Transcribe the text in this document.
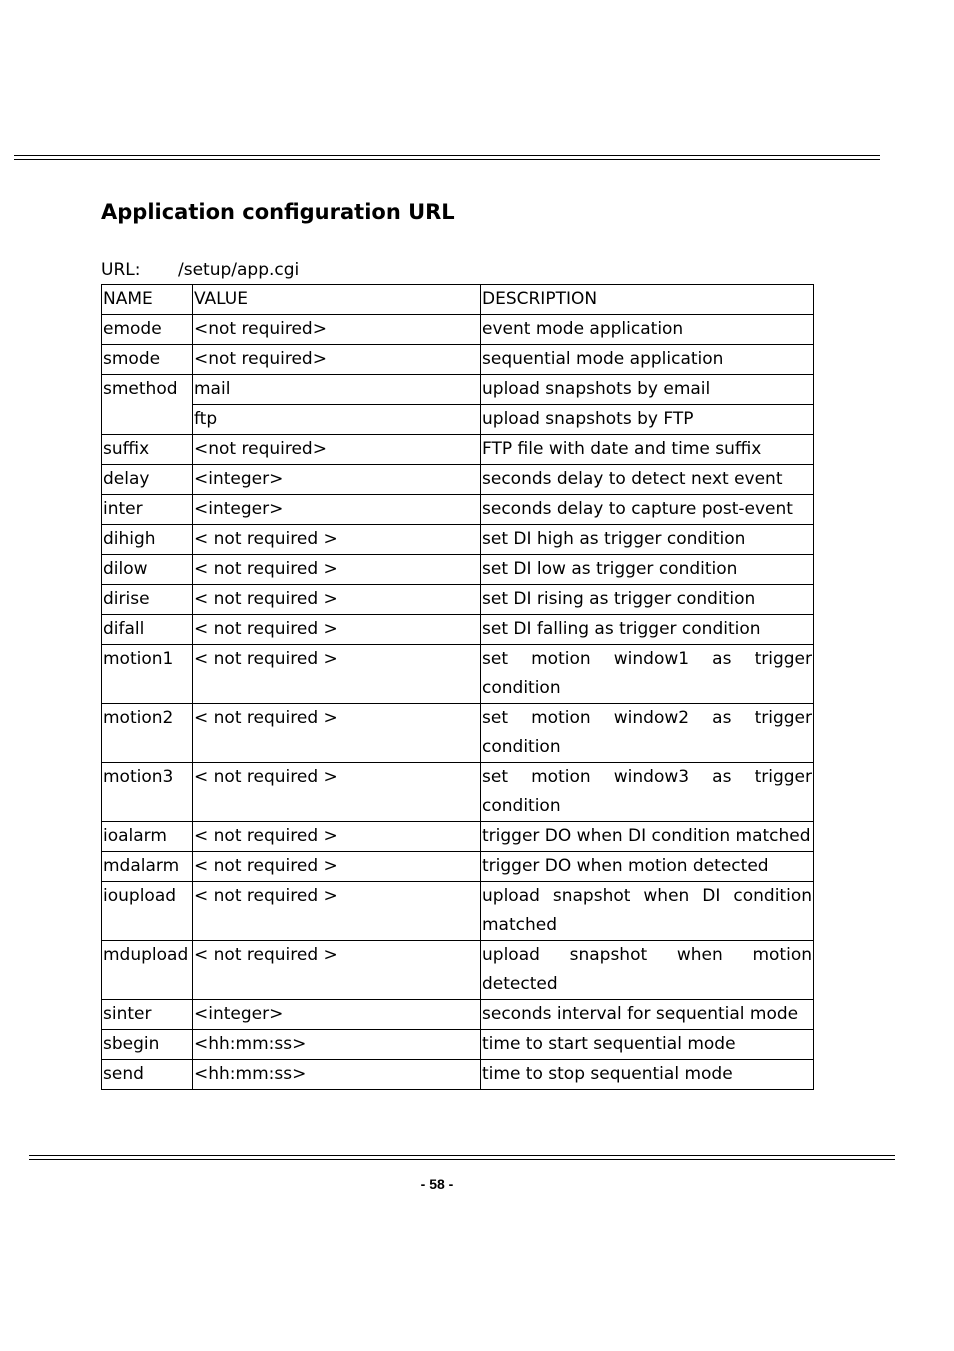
Application configuration URL
URL: /setup/app.cgi
NAME	VALUE	DESCRIPTION
emode	<not required>	event mode application
smode	<not required>	sequential mode application
smethod	mail	upload snapshots by email
	ftp	upload snapshots by FTP
suffix	<not required>	FTP file with date and time suffix
delay	<integer>	seconds delay to detect next event
inter	<integer>	seconds delay to capture post-event
dihigh	< not required >	set DI high as trigger condition
dilow	< not required >	set DI low as trigger condition
dirise	< not required >	set DI rising as trigger condition
difall	< not required >	set DI falling as trigger condition
motion1	< not required >	set motion window1 as trigger condition
motion2	< not required >	set motion window2 as trigger condition
motion3	< not required >	set motion window3 as trigger condition
ioalarm	< not required >	trigger DO when DI condition matched
mdalarm	< not required >	trigger DO when motion detected
ioupload	< not required >	upload snapshot when DI condition matched
mdupload	< not required >	upload snapshot when motion detected
sinter	<integer>	seconds interval for sequential mode
sbegin	<hh:mm:ss>	time to start sequential mode
send	<hh:mm:ss>	time to stop sequential mode
- 58 -
